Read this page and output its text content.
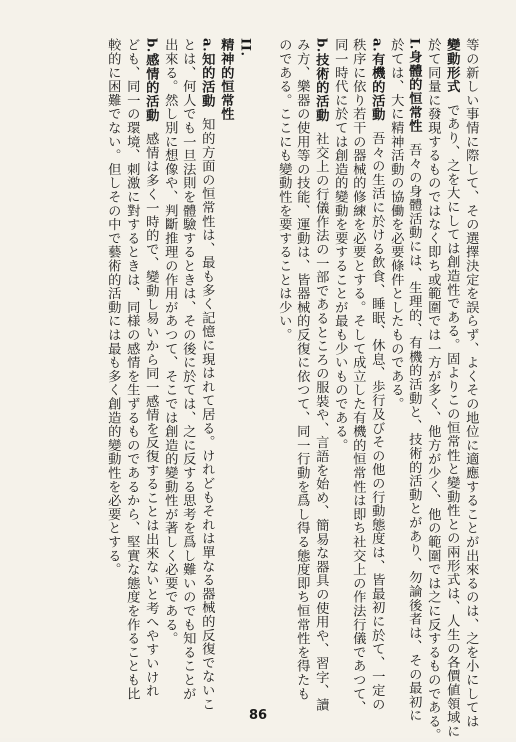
等の新しい事情に際して、その選擇決定を誤らず、よくその地位に適應することが出來るのは、之を小にしては
變動形式であり、之を大にしては創造性である。固よりこの恒常性と變動性との兩形式は、人生の各價値領域に
於て同量に發現するものではなく即ち或範圍では一方が多く、他方が少く、他の範圍では之に反するものである。
I.身體的恒常性吾々の身體活動には、生理的、有機的活動と、技術的活動とがあり、勿論後者は、その最初に
於ては、大に精神活動の協働を必要條件としたものである。
a.有機的活動吾々の生活に於ける飲食、睡眠、休息、歩行及びその他の行動態度は、皆最初に於て、一定の
秩序に依り若干の器械的修練を必要とする。そして成立した有機的恒常性は即ち社交上の作法行儀であつて、
同一時代に於ては創造的變動を要することが最も少いものである。
b.技術的活動社交上の行儀作法の一部であるところの服裝や、言語を始め、簡易な器具の使用や、習字、讀
み方、樂器の使用等の技能、運動は、皆器械的反復に依つて、同一行動を爲し得る態度即ち恒常性を得たも
のである。ここにも變動性を要することは少い。
II.
精神的恒常性
a.知的活動知的方面の恒常性は、最も多く記憶に現はれて居る。けれどもそれは單なる器械的反復でないこ
とは、何人でも一旦法則を體驗するときは、その後に於ては、之に反する思考を爲し難いのでも知ることが
出來る。然し別に想像や、判斷推理の作用があつて、そこでは創造的變動性が著しく必要である。
b.感情的活動感情は多く一時的で、變動し易いから同一感情を反復することは出來ないと考へやすいけれ
ども、同一の環境、刺激に對するときは、同様の感情を生ずるものであるから、堅實な態度を作ることも比
較的に困難でない。但しその中で藝術的活動には最も多く創造的變動性を必要とする。
86
